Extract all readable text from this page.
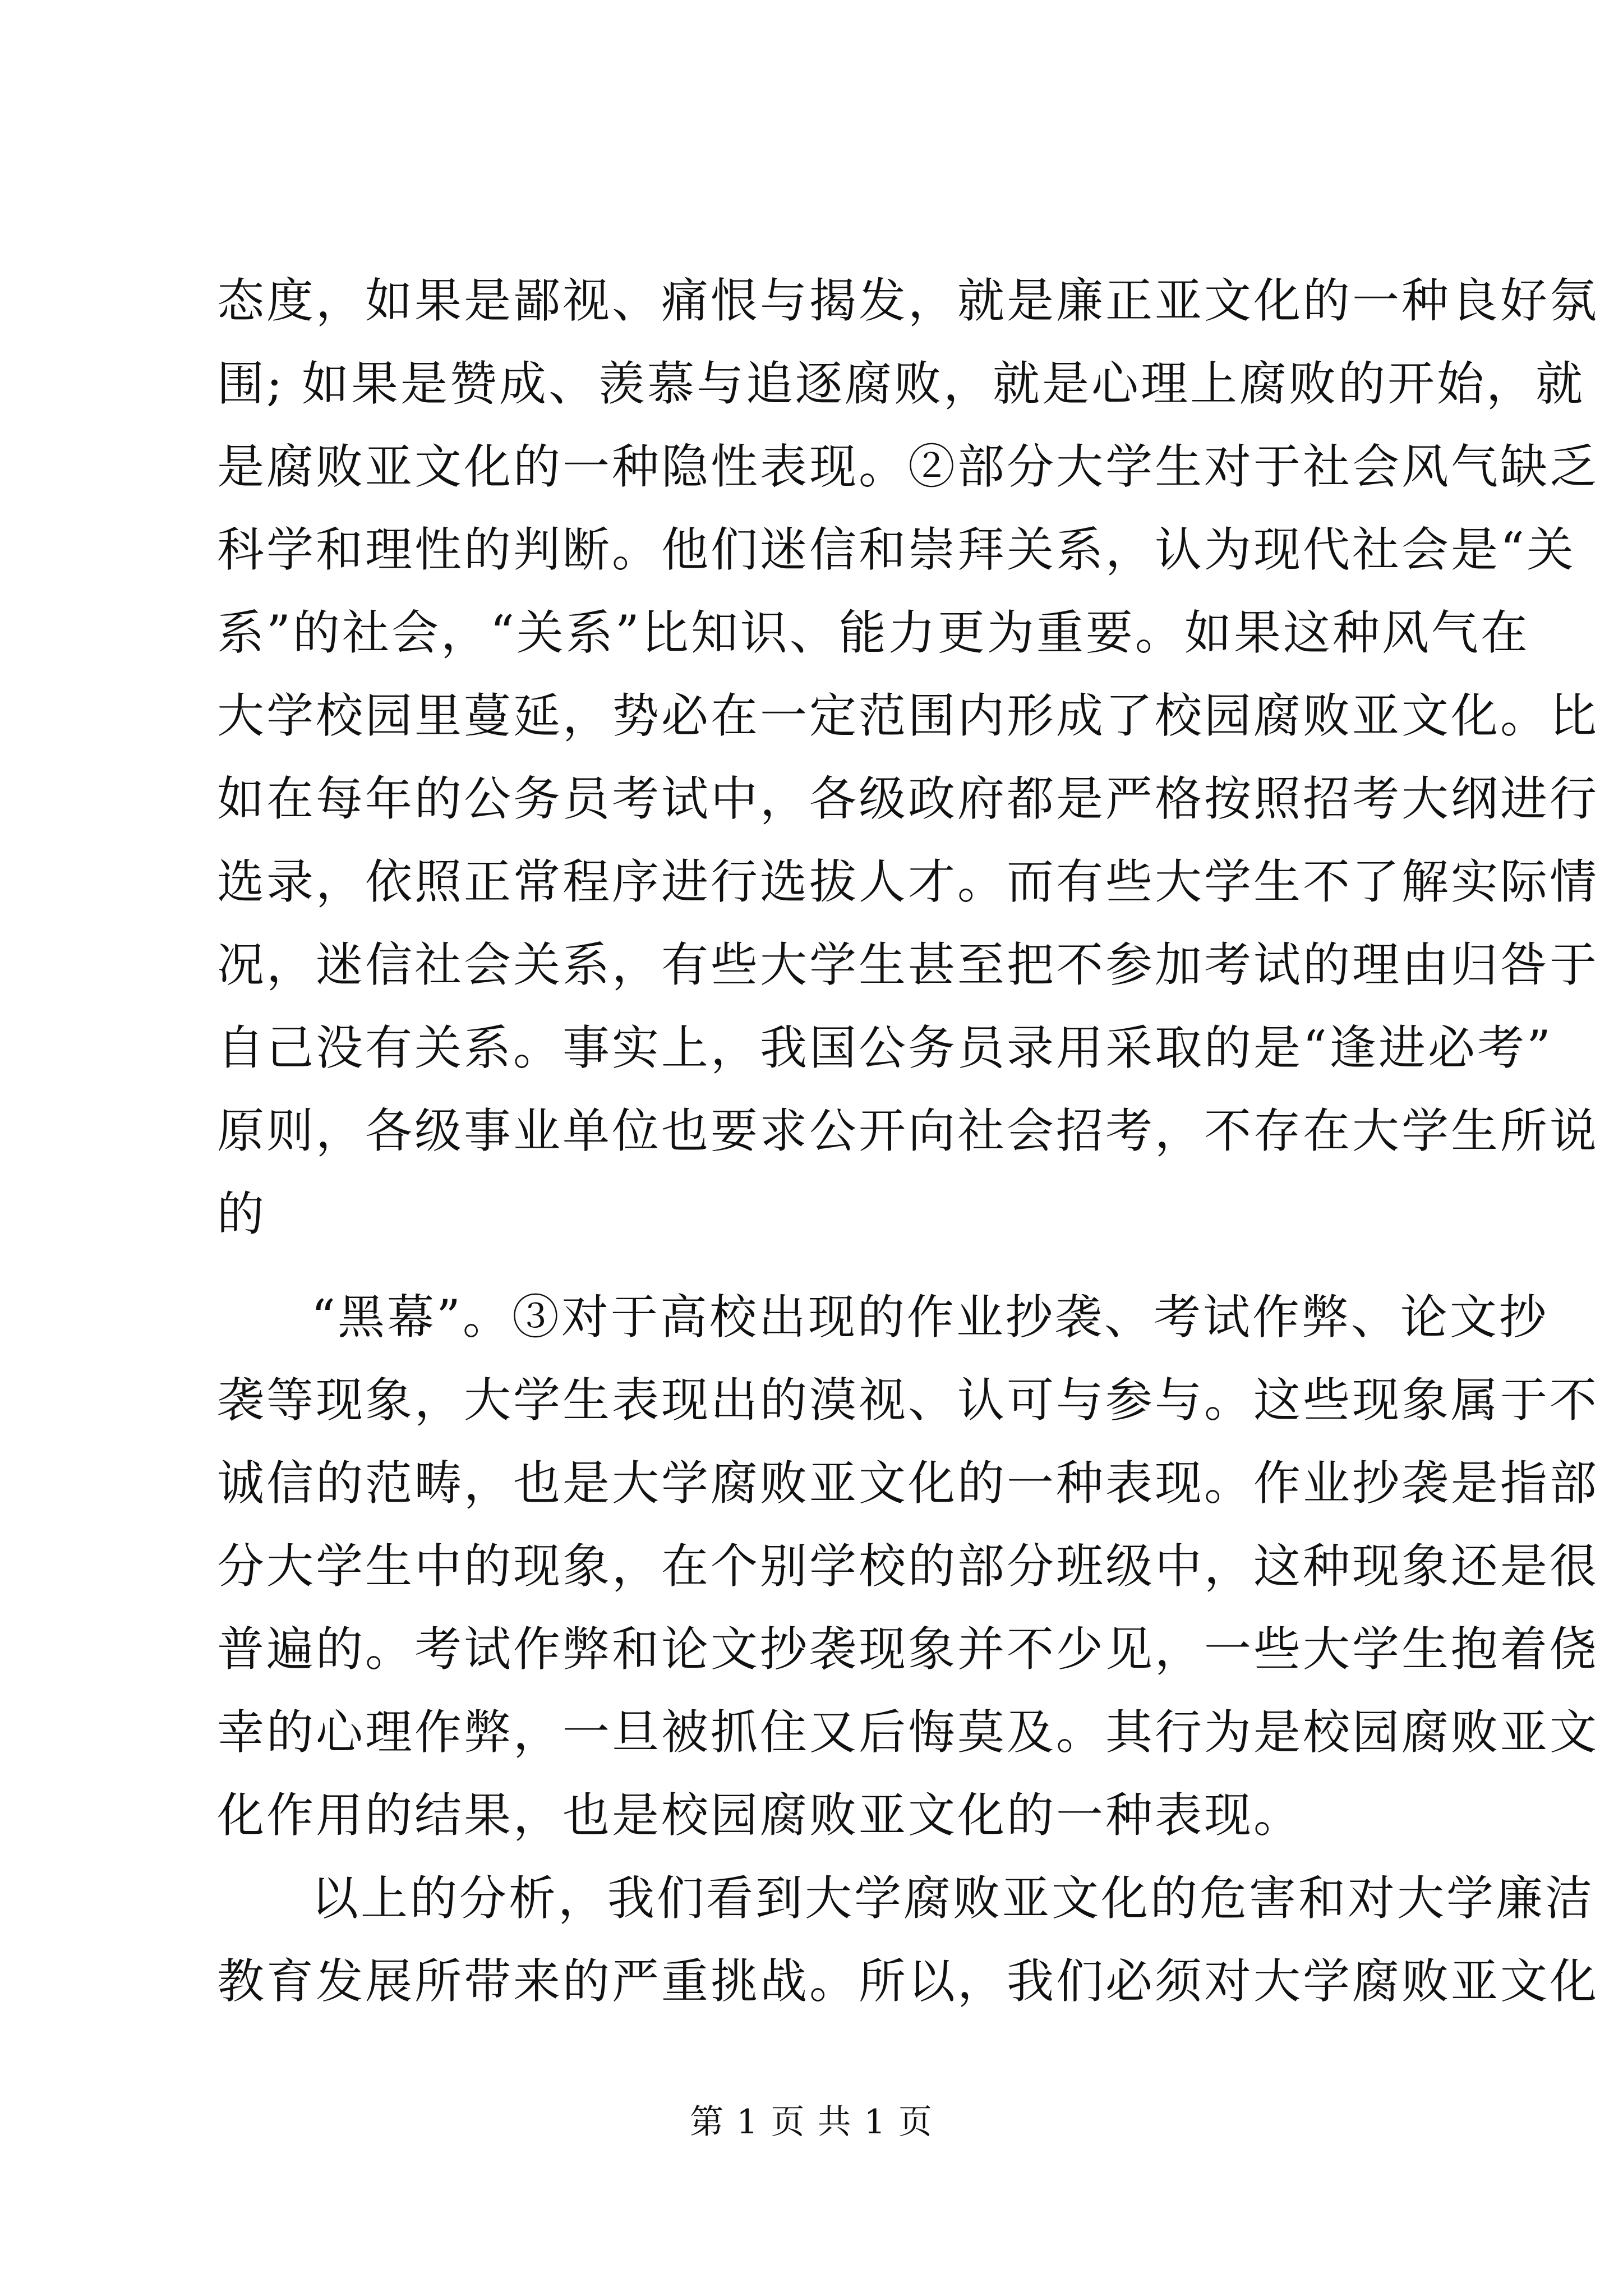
态度，如果是鄙视、痛恨与揭发，就是廉正亚文化的一种良好氛
围; 如果是赞成、羡慕与追逐腐败，就是心理上腐败的开始，就
是腐败亚文化的一种隐性表现。②部分大学生对于社会风气缺乏
科学和理性的判断。他们迷信和崇拜关系，认为现代社会是“关
系”的社会，“关系”比知识、能力更为重要。如果这种风气在
大学校园里蔓延，势必在一定范围内形成了校园腐败亚文化。比
如在每年的公务员考试中，各级政府都是严格按照招考大纲进行
选录，依照正常程序进行选拔人才。而有些大学生不了解实际情
况，迷信社会关系，有些大学生甚至把不参加考试的理由归咎于
自己没有关系。事实上，我国公务员录用采取的是“逢进必考”
原则，各级事业单位也要求公开向社会招考，不存在大学生所说
的
“黑幕”。③对于高校出现的作业抄袭、考试作弊、论文抄
袭等现象，大学生表现出的漠视、认可与参与。这些现象属于不
诚信的范畴，也是大学腐败亚文化的一种表现。作业抄袭是指部
分大学生中的现象，在个别学校的部分班级中，这种现象还是很
普遍的。考试作弊和论文抄袭现象并不少见，一些大学生抱着侥
幸的心理作弊，一旦被抓住又后悔莫及。其行为是校园腐败亚文
化作用的结果，也是校园腐败亚文化的一种表现。
以上的分析，我们看到大学腐败亚文化的危害和对大学廉洁
教育发展所带来的严重挑战。所以，我们必须对大学腐败亚文化
第 1 页 共 1 页
